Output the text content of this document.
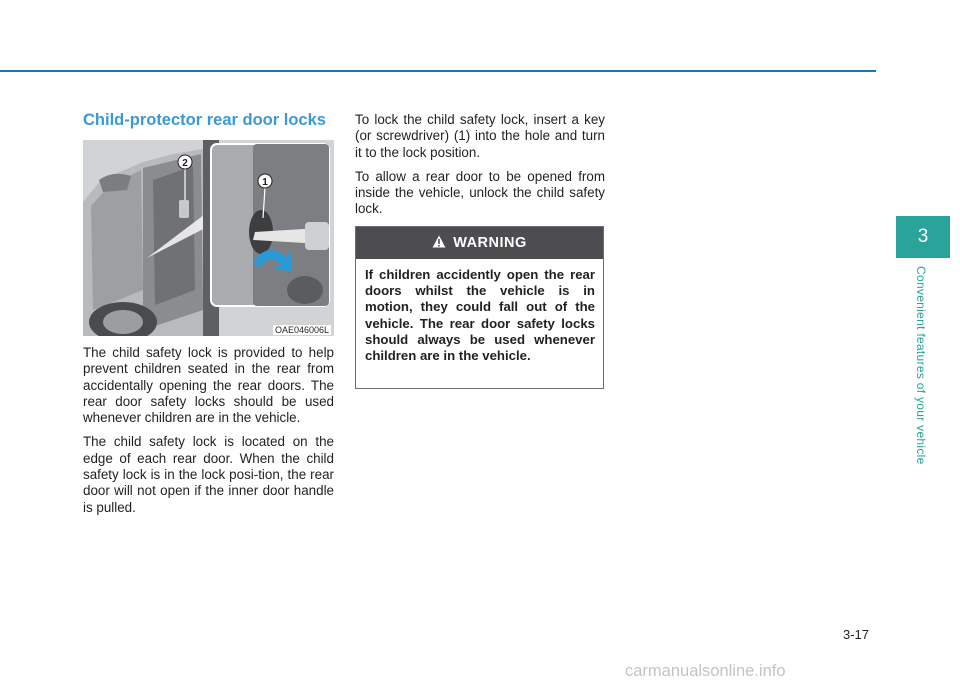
Child-protector rear door locks
2
1
OAE046006L

The child safety lock is provided to help prevent children seated in the rear from accidentally opening the rear doors. The rear door safety locks should be used whenever children are in the vehicle.

The child safety lock is located on the edge of each rear door. When the child safety lock is in the lock posi-tion, the rear door will not open if the inner door handle is pulled.

To lock the child safety lock, insert a key (or screwdriver) (1) into the hole and turn it to the lock position.

To allow a rear door to be opened from inside the vehicle, unlock the child safety lock.

WARNING
If children accidently open the rear doors whilst the vehicle is in motion, they could fall out of the vehicle. The rear door safety locks should always be used whenever children are in the vehicle.
3
Convenient features of your vehicle
3-17
carmanualsonline.info
